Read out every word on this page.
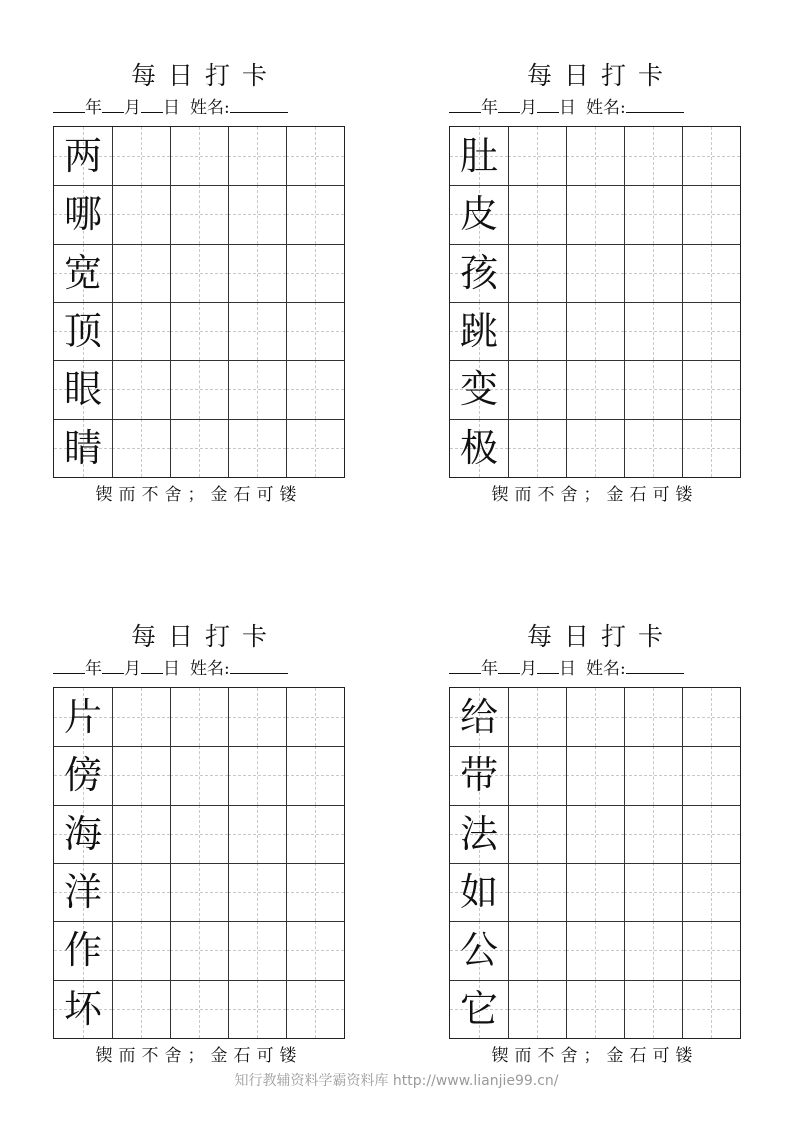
每日打卡
年 月 日 姓名:
两
哪
宽
顶
眼
睛
锲而不舍；金石可镂
每日打卡
年 月 日 姓名:
肚
皮
孩
跳
变
极
锲而不舍；金石可镂
每日打卡
年 月 日 姓名:
片
傍
海
洋
作
坏
锲而不舍；金石可镂
每日打卡
年 月 日 姓名:
给
带
法
如
公
它
锲而不舍；金石可镂
知行教辅资料学霸资料库 http://www.lianjie99.cn/
